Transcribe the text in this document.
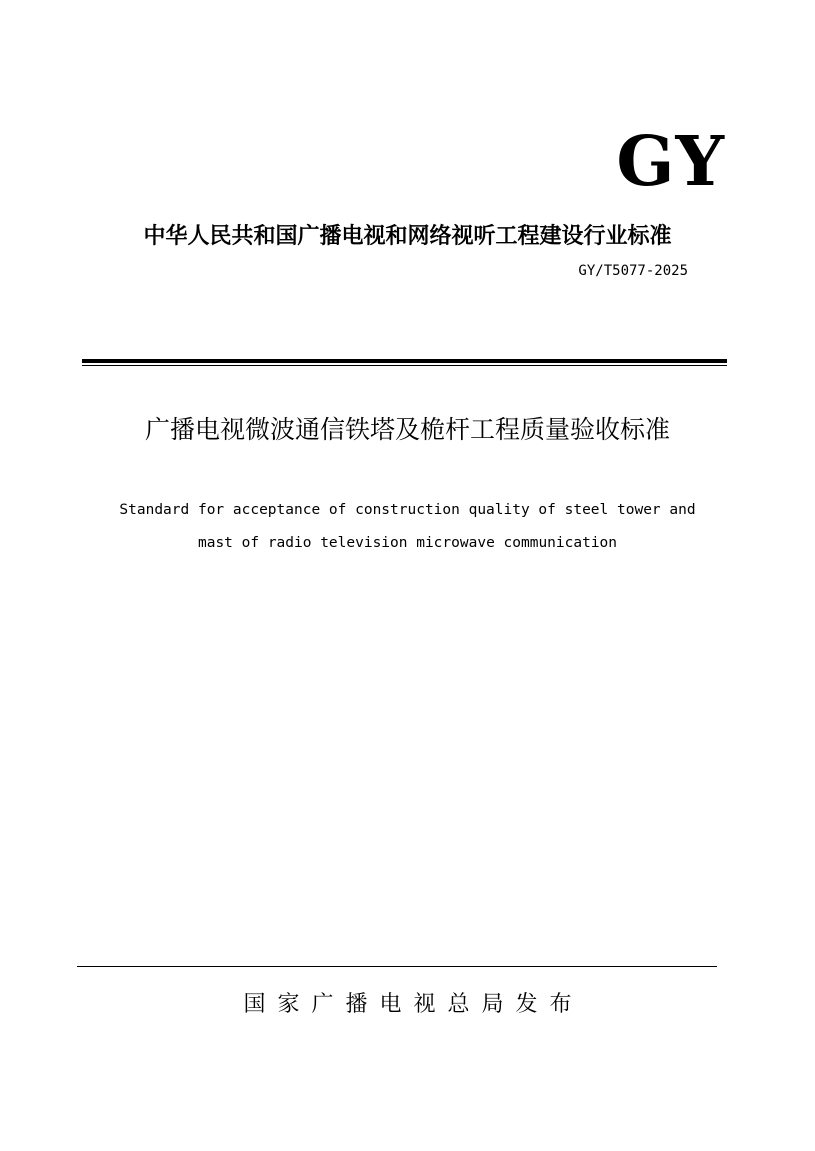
GY
中华人民共和国广播电视和网络视听工程建设行业标准
GY/T5077-2025
广播电视微波通信铁塔及桅杆工程质量验收标准
Standard for acceptance of construction quality of steel tower and
mast of radio television microwave communication
国家广播电视总局发布
